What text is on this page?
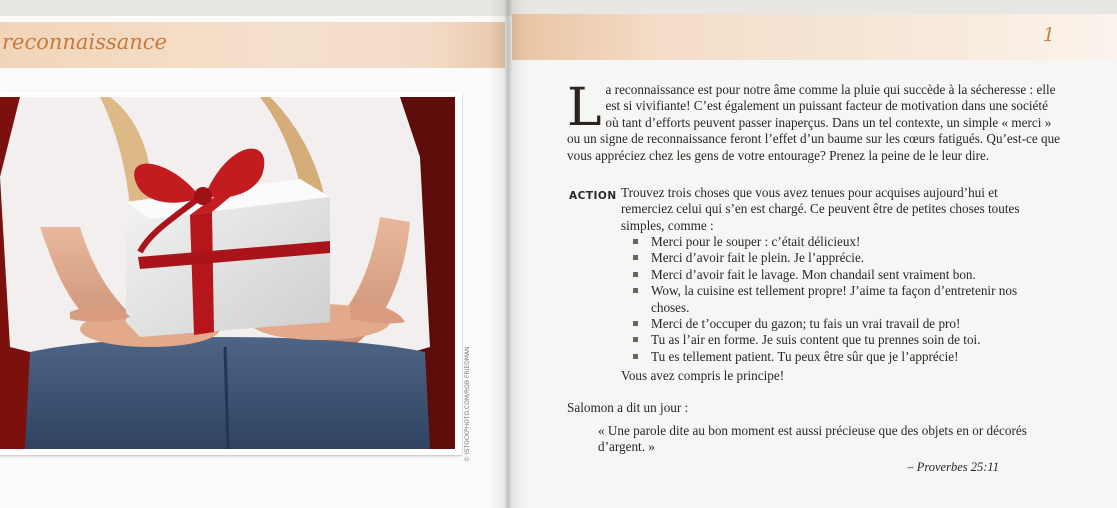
reconnaissance	1
© ISTOCKPHOTO.COM/ROB FRIEDMAN
L a reconnaissance est pour notre âme comme la pluie qui succède à la sécheresse : elle est si vivifiante! C’est également un puissant facteur de motivation dans une société où tant d’efforts peuvent passer inaperçus. Dans un tel contexte, un simple « merci » ou un signe de reconnaissance feront l’effet d’un baume sur les cœurs fatigués. Qu’est-ce que vous appréciez chez les gens de votre entourage? Prenez la peine de le leur dire.
ACTION Trouvez trois choses que vous avez tenues pour acquises aujourd’hui et remerciez celui qui s’en est chargé. Ce peuvent être de petites choses toutes simples, comme :
Merci pour le souper : c’était délicieux!
Merci d’avoir fait le plein. Je l’apprécie.
Merci d’avoir fait le lavage. Mon chandail sent vraiment bon.
Wow, la cuisine est tellement propre! J’aime ta façon d’entretenir nos choses.
Merci de t’occuper du gazon; tu fais un vrai travail de pro!
Tu as l’air en forme. Je suis content que tu prennes soin de toi.
Tu es tellement patient. Tu peux être sûr que je l’apprécie!
Vous avez compris le principe!
Salomon a dit un jour :
« Une parole dite au bon moment est aussi précieuse que des objets en or décorés d’argent. »
– Proverbes 25:11
